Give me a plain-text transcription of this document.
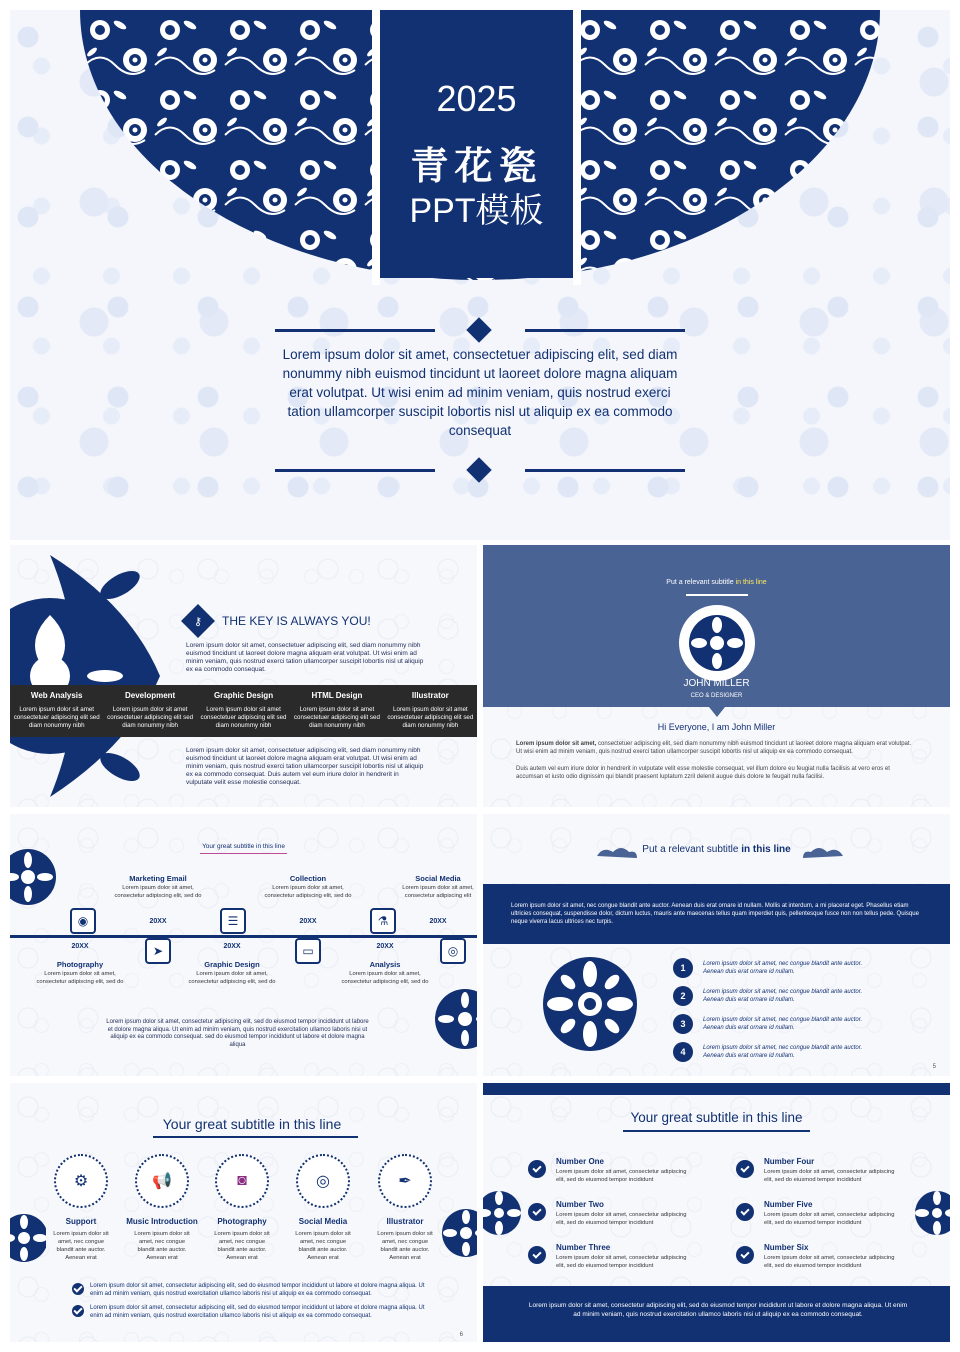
2025
青花瓷
PPT模板
Lorem ipsum dolor sit amet, consectetuer adipiscing elit, sed diam nonummy nibh euismod tincidunt ut laoreet dolore magna aliquam erat volutpat. Ut wisi enim ad minim veniam, quis nostrud exerci tation ullamcorper suscipit lobortis nisl ut aliquip ex ea commodo consequat
⚷	THE KEY IS ALWAYS YOU!
Lorem ipsum dolor sit amet, consectetuer adipiscing elit, sed diam nonummy nibh euismod tincidunt ut laoreet dolore magna aliquam erat volutpat. Ut wisi enim ad minim veniam, quis nostrud exerci tation ullamcorper suscipit lobortis nisl ut aliquip ex ea commodo consequat.
Web Analysis
Lorem ipsum dolor sit amet consectetuer adipiscing elit sed diam nonummy nibh
Development
Lorem ipsum dolor sit amet consectetuer adipiscing elit sed diam nonummy nibh
Graphic Design
Lorem ipsum dolor sit amet consectetuer adipiscing elit sed diam nonummy nibh
HTML Design
Lorem ipsum dolor sit amet consectetuer adipiscing elit sed diam nonummy nibh
Illustrator
Lorem ipsum dolor sit amet consectetuer adipiscing elit sed diam nonummy nibh
Lorem ipsum dolor sit amet, consectetuer adipiscing elit, sed diam nonummy nibh euismod tincidunt ut laoreet dolore magna aliquam erat volutpat. Ut wisi enim ad minim veniam, quis nostrud exerci tation ullamcorper suscipit lobortis nisl ut aliquip ex ea commodo consequat. Duis autem vel eum iriure dolor in hendrerit in vulputate velit esse molestie consequat.
Put a relevant subtitle in this line
JOHN MILLER
CEO & DESIGNER
Hi Everyone, I am John Miller
Lorem ipsum dolor sit amet, consectetuer adipiscing elit, sed diam nonummy nibh euismod tincidunt ut laoreet dolore magna aliquam erat volutpat. Ut wisi enim ad minim veniam, quis nostrud exerci tation ullamcorper suscipit lobortis nisl ut aliquip ex ea commodo consequat.
Duis autem vel eum iriure dolor in hendrerit in vulputate velit esse molestie consequat, vel illum dolore eu feugiat nulla facilisis at vero eros et accumsan et iusto odio dignissim qui blandit praesent luptatum zzril delenit augue duis dolore te feugait nulla facilisi.
Your great subtitle in this line
Marketing Email
Lorem ipsum dolor sit amet, consectetur adipiscing elit, sed do
20XX
◉
Collection
Lorem ipsum dolor sit amet, consectetur adipiscing elit, sed do
20XX
☰
Social Media
Lorem ipsum dolor sit amet, consectetur adipiscing elit
20XX
⚗
➤
20XX
Photography
Lorem ipsum dolor sit amet, consectetur adipiscing elit, sed do
▭
20XX
Graphic Design
Lorem ipsum dolor sit amet, consectetur adipiscing elit, sed do
◎
20XX
Analysis
Lorem ipsum dolor sit amet, consectetur adipiscing elit, sed do
Lorem ipsum dolor sit amet, consectetur adipiscing elit, sed do eiusmod tempor incididunt ut labore et dolore magna aliqua. Ut enim ad minim veniam, quis nostrud exercitation ullamco laboris nisi ut aliquip ex ea commodo consequat. sed do eiusmod tempor incididunt ut labore et dolore magna aliqua
Put a relevant subtitle in this line
Lorem ipsum dolor sit amet, nec congue blandit ante auctor. Aenean duis erat ornare id nullam. Mollis at interdum, a mi placerat eget. Phasellus etiam ultricies consequat, suspendisse dolor, dictum luctus, mauris ante maecenas tellus quam imperdiet quis, pellentesque fusce non non tellus pede. Quisque neque viverra lacus ultrices nec turpis.
1	Lorem ipsum dolor sit amet, nec congue blandit ante auctor. Aenean duis erat ornare id nullam.
2	Lorem ipsum dolor sit amet, nec congue blandit ante auctor. Aenean duis erat ornare id nullam.
3	Lorem ipsum dolor sit amet, nec congue blandit ante auctor. Aenean duis erat ornare id nullam.
4	Lorem ipsum dolor sit amet, nec congue blandit ante auctor. Aenean duis erat ornare id nullam.
5
Your great subtitle in this line
⚙
Support
Lorem ipsum dolor sit amet, nec congue blandit ante auctor. Aenean erat
📢
Music Introduction
Lorem ipsum dolor sit amet, nec congue blandit ante auctor. Aenean erat
◙
Photography
Lorem ipsum dolor sit amet, nec congue blandit ante auctor. Aenean erat
◎
Social Media
Lorem ipsum dolor sit amet, nec congue blandit ante auctor. Aenean erat
✒
Illustrator
Lorem ipsum dolor sit amet, nec congue blandit ante auctor. Aenean erat
Lorem ipsum dolor sit amet, consectetur adipiscing elit, sed do eiusmod tempor incididunt ut labore et dolore magna aliqua. Ut enim ad minim veniam, quis nostrud exercitation ullamco laboris nisi ut aliquip ex ea commodo consequat.
Lorem ipsum dolor sit amet, consectetur adipiscing elit, sed do eiusmod tempor incididunt ut labore et dolore magna aliqua. Ut enim ad minim veniam, quis nostrud exercitation ullamco laboris nisi ut aliquip ex ea commodo consequat.
6
Your great subtitle in this line
Number One
Lorem ipsum dolor sit amet, consectetur adipiscing elit, sed do eiusmod tempor incididunt
Number Two
Lorem ipsum dolor sit amet, consectetur adipiscing elit, sed do eiusmod tempor incididunt
Number Three
Lorem ipsum dolor sit amet, consectetur adipiscing elit, sed do eiusmod tempor incididunt
Number Four
Lorem ipsum dolor sit amet, consectetur adipiscing elit, sed do eiusmod tempor incididunt
Number Five
Lorem ipsum dolor sit amet, consectetur adipiscing elit, sed do eiusmod tempor incididunt
Number Six
Lorem ipsum dolor sit amet, consectetur adipiscing elit, sed do eiusmod tempor incididunt
Lorem ipsum dolor sit amet, consectetur adipiscing elit, sed do eiusmod tempor incididunt ut labore et dolore magna aliqua. Ut enim ad minim veniam, quis nostrud exercitation ullamco laboris nisi ut aliquip ex ea commodo consequat.
